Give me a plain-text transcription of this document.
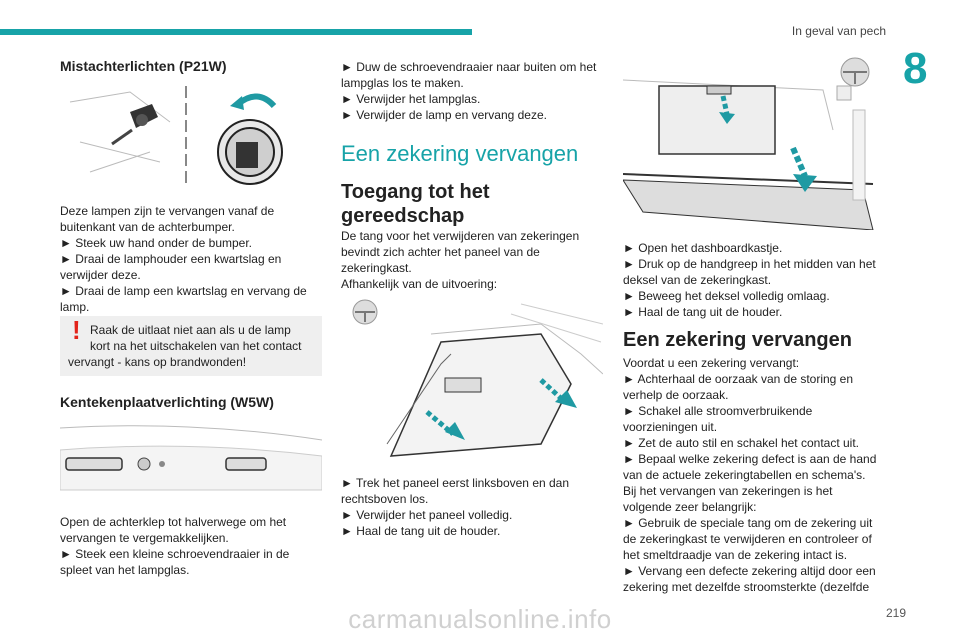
In geval van pech
8
Mistachterlichten (P21W)
Deze lampen zijn te vervangen vanaf de
buitenkant van de achterbumper.
► Steek uw hand onder de bumper.
► Draai de lamphouder een kwartslag en
verwijder deze.
► Draai de lamp een kwartslag en vervang de
lamp.
! Raak de uitlaat niet aan als u de lamp
kort na het uitschakelen van het contact
vervangt - kans op brandwonden!
Kentekenplaatverlichting (W5W)
Open de achterklep tot halverwege om het
vervangen te vergemakkelijken.
► Steek een kleine schroevendraaier in de
spleet van het lampglas.
► Duw de schroevendraaier naar buiten om het
lampglas los te maken.
► Verwijder het lampglas.
► Verwijder de lamp en vervang deze.
Een zekering vervangen
Toegang tot het
gereedschap
De tang voor het verwijderen van zekeringen
bevindt zich achter het paneel van de
zekeringkast.
Afhankelijk van de uitvoering:
► Trek het paneel eerst linksboven en dan
rechtsboven los.
► Verwijder het paneel volledig.
► Haal de tang uit de houder.
► Open het dashboardkastje.
► Druk op de handgreep in het midden van het
deksel van de zekeringkast.
► Beweeg het deksel volledig omlaag.
► Haal de tang uit de houder.
Een zekering vervangen
Voordat u een zekering vervangt:
► Achterhaal de oorzaak van de storing en
verhelp de oorzaak.
► Schakel alle stroomverbruikende
voorzieningen uit.
► Zet de auto stil en schakel het contact uit.
► Bepaal welke zekering defect is aan de hand
van de actuele zekeringtabellen en schema's.
Bij het vervangen van zekeringen is het
volgende zeer belangrijk:
► Gebruik de speciale tang om de zekering uit
de zekeringkast te verwijderen en controleer of
het smeltdraadje van de zekering intact is.
► Vervang een defecte zekering altijd door een
zekering met dezelfde stroomsterkte (dezelfde
carmanualsonline.info	219
